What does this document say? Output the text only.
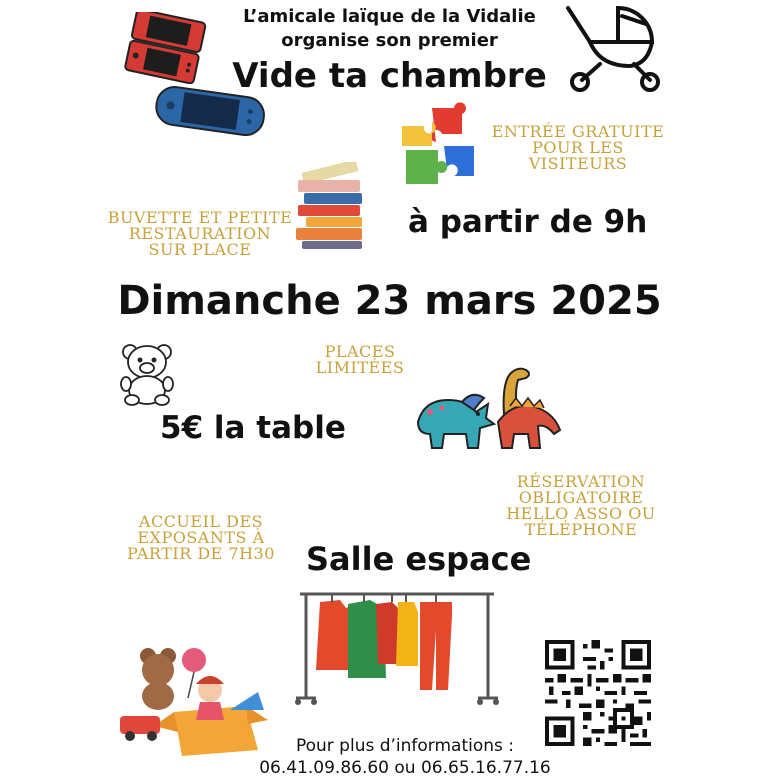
L’amicale laïque de la Vidalie
organise son premier
Vide ta chambre
ENTRÉE GRATUITE
POUR LES
VISITEURS
BUVETTE ET PETITE
RESTAURATION
SUR PLACE
PLACES
LIMITÉES
RÉSERVATION
OBLIGATOIRE
HELLO ASSO OU
TÉLÉPHONE
ACCUEIL DES
EXPOSANTS À
PARTIR DE 7H30
à partir de 9h
Dimanche 23 mars 2025
5€ la table
Salle espace
Pour plus d’informations :
06.41.09.86.60 ou 06.65.16.77.16
